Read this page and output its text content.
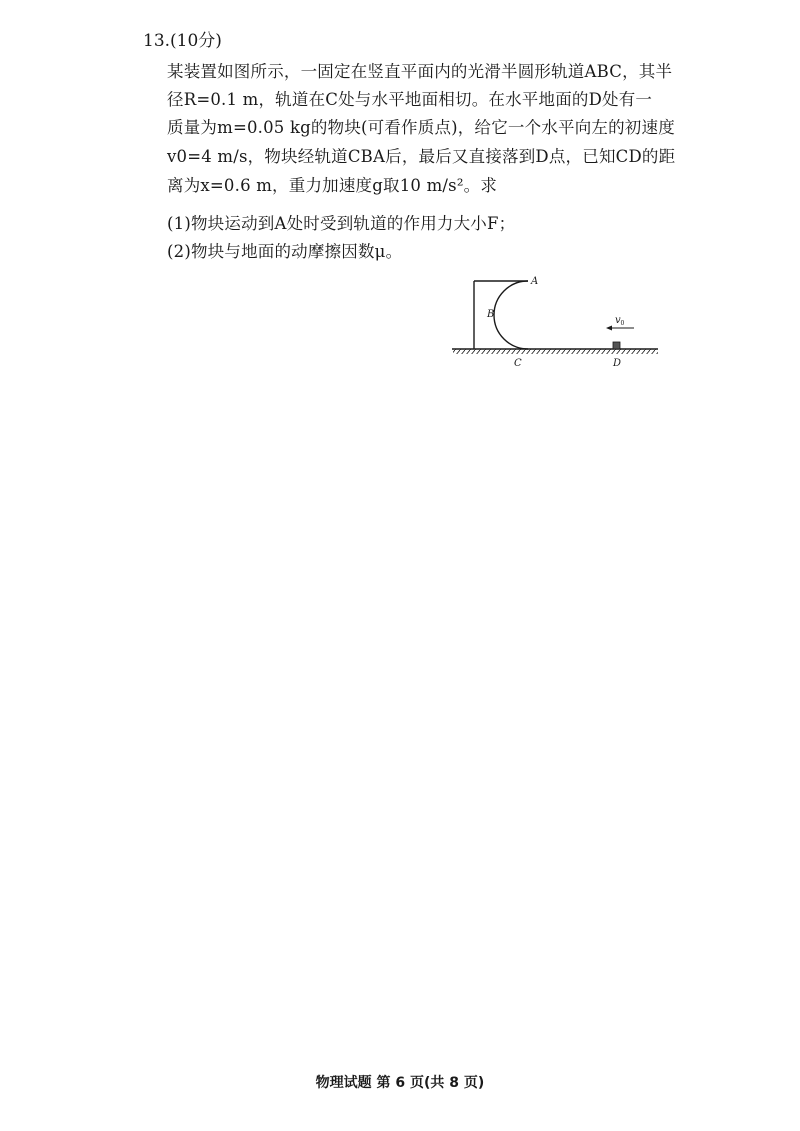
13.(10分)
某装置如图所示，一固定在竖直平面内的光滑半圆形轨道ABC，其半
径R=0.1 m，轨道在C处与水平地面相切。在水平地面的D处有一
质量为m=0.05 kg的物块(可看作质点)，给它一个水平向左的初速度
v0=4 m/s，物块经轨道CBA后，最后又直接落到D点，已知CD的距
离为x=0.6 m，重力加速度g取10 m/s²。求
(1)物块运动到A处时受到轨道的作用力大小F；
(2)物块与地面的动摩擦因数μ。
A
B
C	D
v 0
物理试题 第 6 页(共 8 页)
